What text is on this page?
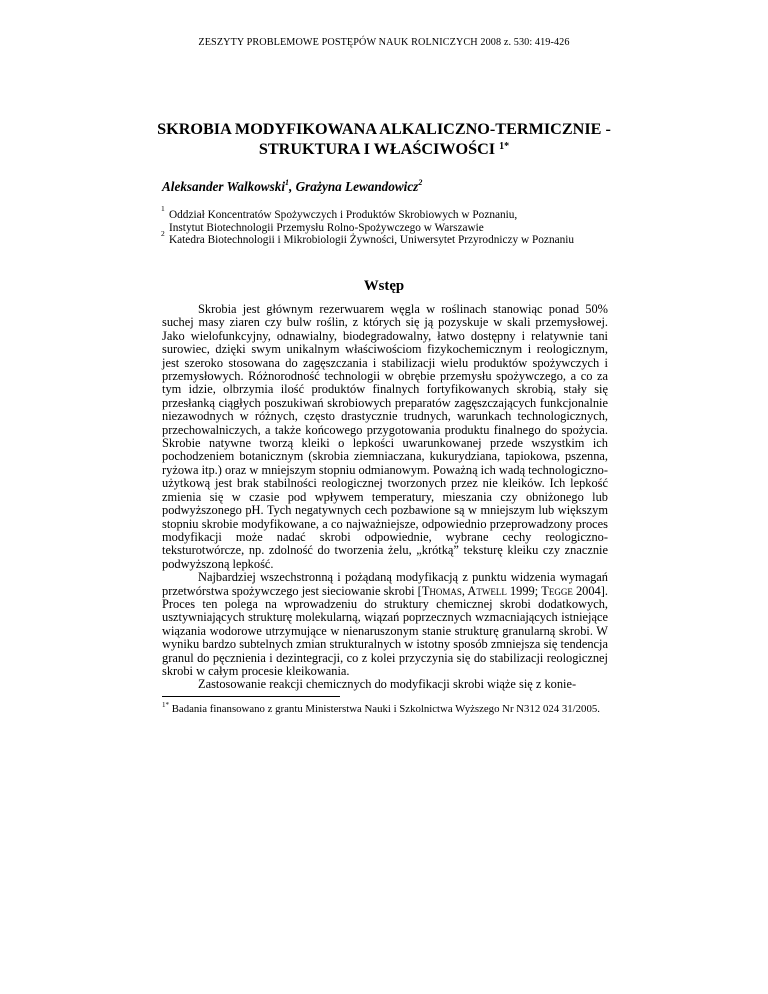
ZESZYTY PROBLEMOWE POSTĘPÓW NAUK ROLNICZYCH 2008 z. 530: 419-426
SKROBIA MODYFIKOWANA ALKALICZNO-TERMICZNIE -
STRUKTURA I WŁAŚCIWOŚCI $^{1*}$
Aleksander Walkowski$^1$, Grażyna Lewandowicz$^2$
1
Oddział Koncentratów Spożywczych i Produktów Skrobiowych w Poznaniu,
Instytut Biotechnologii Przemysłu Rolno-Spożywczego w Warszawie
2
Katedra Biotechnologii i Mikrobiologii Żywności, Uniwersytet Przyrodniczy w Poznaniu
Wstęp

Skrobia jest głównym rezerwuarem węgla w roślinach stanowiąc ponad 50% suchej masy ziaren czy bulw roślin, z których się ją pozyskuje w skali przemysłowej. Jako wielofunkcyjny, odnawialny, biodegradowalny, łatwo dostępny i relatywnie tani surowiec, dzięki swym unikalnym właściwościom fizykochemicznym i reologicznym, jest szeroko stosowana do zagęszczania i stabilizacji wielu produktów spożywczych i przemysłowych. Różnorodność technologii w obrębie przemysłu spożywczego, a co za tym idzie, olbrzymia ilość produktów finalnych fortyfikowanych skrobią, stały się przesłanką ciągłych poszukiwań skrobiowych preparatów zagęszczających funkcjonalnie niezawodnych w różnych, często drastycznie trudnych, warunkach technologicznych, przechowalniczych, a także końcowego przygotowania produktu finalnego do spożycia. Skrobie natywne tworzą kleiki o lepkości uwarunkowanej przede wszystkim ich pochodzeniem botanicznym (skrobia ziemniaczana, kukurydziana, tapiokowa, pszenna, ryżowa itp.) oraz w mniejszym stopniu odmianowym. Poważną ich wadą technologiczno-użytkową jest brak stabilności reologicznej tworzonych przez nie kleików. Ich lepkość zmienia się w czasie pod wpływem temperatury, mieszania czy obniżonego lub podwyższonego pH. Tych negatywnych cech pozbawione są w mniejszym lub większym stopniu skrobie modyfikowane, a co najważniejsze, odpowiednio przeprowadzony proces modyfikacji może nadać skrobi odpowiednie, wybrane cechy reologiczno-teksturotwórcze, np. zdolność do tworzenia żelu, „krótką” teksturę kleiku czy znacznie podwyższoną lepkość.

Najbardziej wszechstronną i pożądaną modyfikacją z punktu widzenia wymagań przetwórstwa spożywczego jest sieciowanie skrobi [Thomas, Atwell 1999; Tegge 2004]. Proces ten polega na wprowadzeniu do struktury chemicznej skrobi dodatkowych, usztywniających strukturę molekularną, wiązań poprzecznych wzmacniających istniejące wiązania wodorowe utrzymujące w nienaruszonym stanie strukturę granularną skrobi. W wyniku bardzo subtelnych zmian strukturalnych w istotny sposób zmniejsza się tendencja granul do pęcznienia i dezintegracji, co z kolei przyczynia się do stabilizacji reologicznej skrobi w całym procesie kleikowania.

Zastosowanie reakcji chemicznych do modyfikacji skrobi wiąże się z konie-

$^{1*}$ Badania finansowano z grantu Ministerstwa Nauki i Szkolnictwa Wyższego Nr N312 024 31/2005.
